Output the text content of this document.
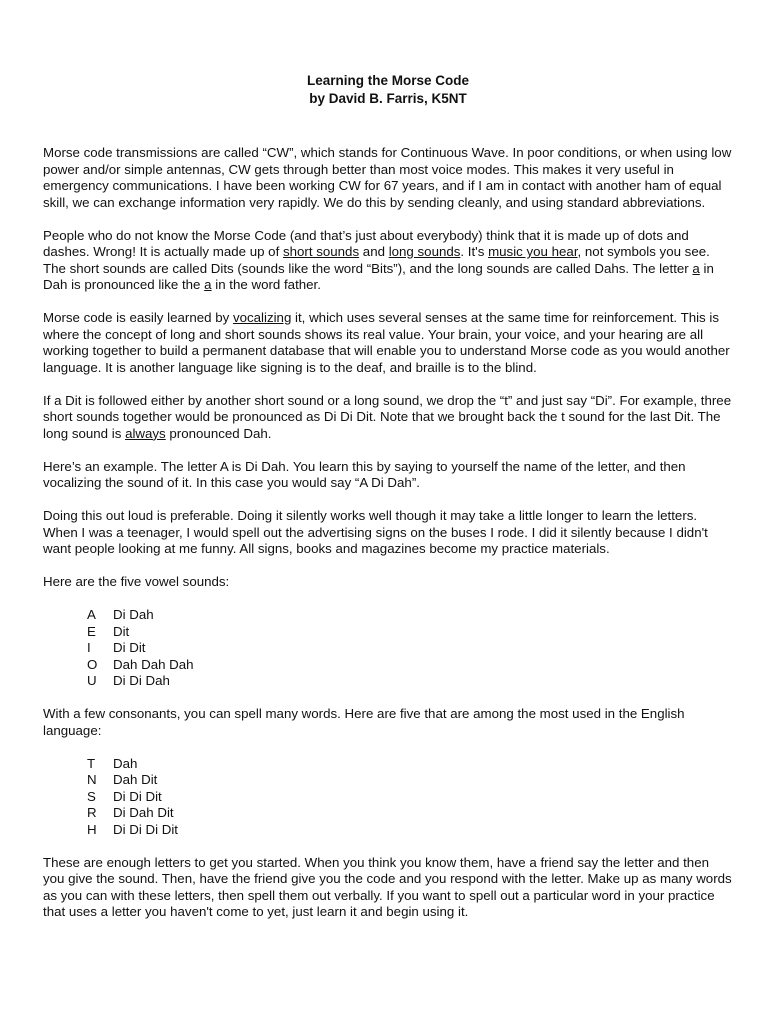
Learning the Morse Code
by David B. Farris, K5NT

Morse code transmissions are called “CW”, which stands for Continuous Wave. In poor conditions, or when using low power and/or simple antennas, CW gets through better than most voice modes. This makes it very useful in emergency communications. I have been working CW for 67 years, and if I am in contact with another ham of equal skill, we can exchange information very rapidly. We do this by sending cleanly, and using standard abbreviations.

People who do not know the Morse Code (and that’s just about everybody) think that it is made up of dots and dashes. Wrong! It is actually made up of short sounds and long sounds. It's music you hear, not symbols you see. The short sounds are called Dits (sounds like the word “Bits”), and the long sounds are called Dahs. The letter a in Dah is pronounced like the a in the word father.

Morse code is easily learned by vocalizing it, which uses several senses at the same time for reinforcement. This is where the concept of long and short sounds shows its real value. Your brain, your voice, and your hearing are all working together to build a permanent database that will enable you to understand Morse code as you would another language. It is another language like signing is to the deaf, and braille is to the blind.

If a Dit is followed either by another short sound or a long sound, we drop the “t” and just say “Di”. For example, three short sounds together would be pronounced as Di Di Dit. Note that we brought back the t sound for the last Dit. The long sound is always pronounced Dah.

Here’s an example. The letter A is Di Dah. You learn this by saying to yourself the name of the letter, and then vocalizing the sound of it. In this case you would say “A Di Dah”.

Doing this out loud is preferable. Doing it silently works well though it may take a little longer to learn the letters. When I was a teenager, I would spell out the advertising signs on the buses I rode. I did it silently because I didn't want people looking at me funny. All signs, books and magazines become my practice materials.

Here are the five vowel sounds:

A	Di Dah
E	Dit
I	Di Dit
O	Dah Dah Dah
U	Di Di Dah

With a few consonants, you can spell many words. Here are five that are among the most used in the English language:

T	Dah
N	Dah Dit
S	Di Di Dit
R	Di Dah Dit
H	Di Di Di Dit

These are enough letters to get you started. When you think you know them, have a friend say the letter and then you give the sound. Then, have the friend give you the code and you respond with the letter. Make up as many words as you can with these letters, then spell them out verbally. If you want to spell out a particular word in your practice that uses a letter you haven't come to yet, just learn it and begin using it.
